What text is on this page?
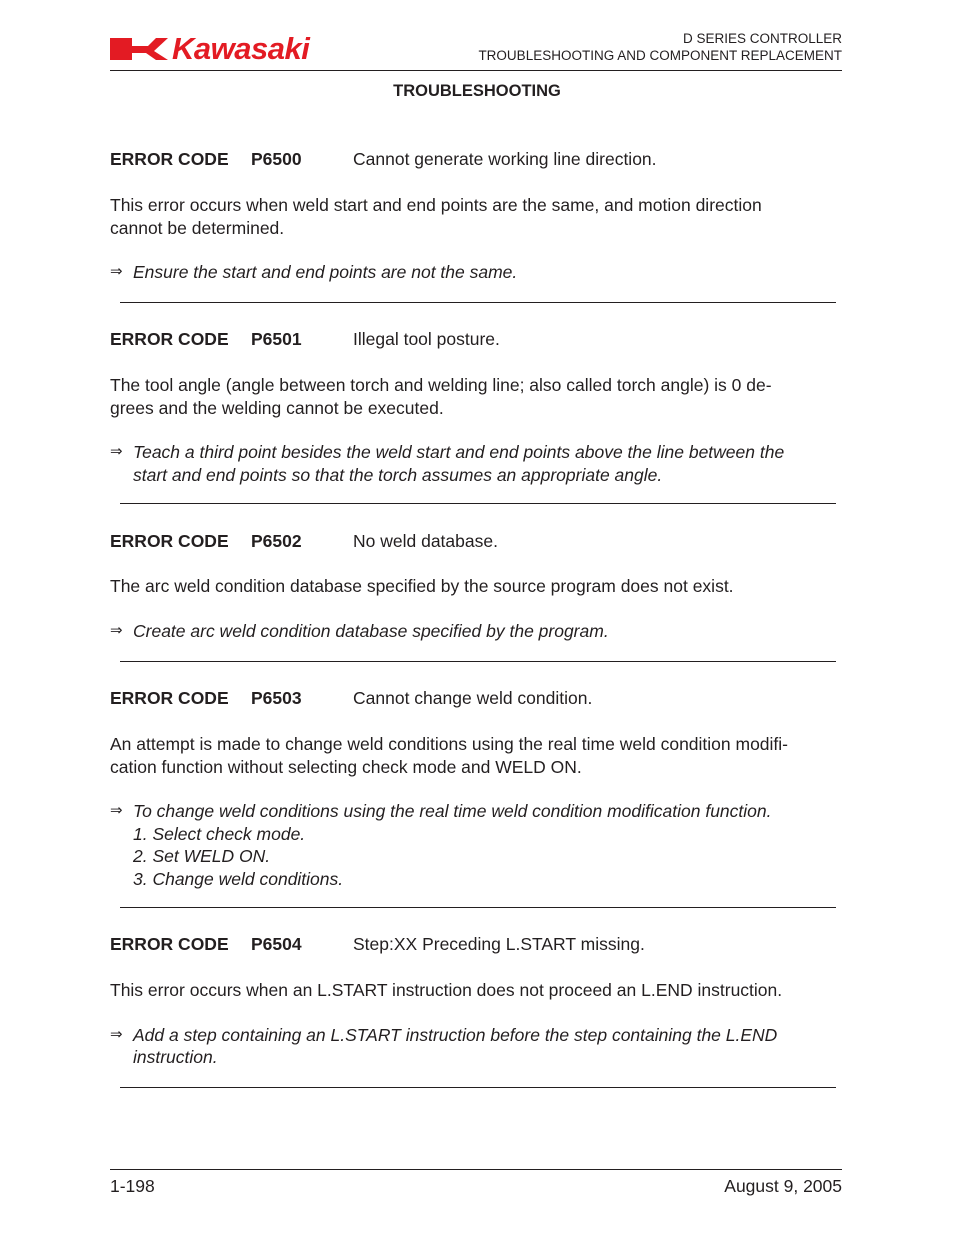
Kawasaki	D SERIES CONTROLLER
TROUBLESHOOTING AND COMPONENT REPLACEMENT
TROUBLESHOOTING
ERROR CODE P6500	Cannot generate working line direction.
This error occurs when weld start and end points are the same, and motion direction
cannot be determined.
⇒ Ensure the start and end points are not the same.
ERROR CODE P6501	Illegal tool posture.
The tool angle (angle between torch and welding line; also called torch angle) is 0 de-
grees and the welding cannot be executed.
⇒ Teach a third point besides the weld start and end points above the line between the
start and end points so that the torch assumes an appropriate angle.
ERROR CODE P6502	No weld database.
The arc weld condition database specified by the source program does not exist.
⇒ Create arc weld condition database specified by the program.
ERROR CODE P6503	Cannot change weld condition.
An attempt is made to change weld conditions using the real time weld condition modifi-
cation function without selecting check mode and WELD ON.
⇒ To change weld conditions using the real time weld condition modification function.
1. Select check mode.
2. Set WELD ON.
3. Change weld conditions.
ERROR CODE P6504	Step:XX Preceding L.START missing.
This error occurs when an L.START instruction does not proceed an L.END instruction.
⇒ Add a step containing an L.START instruction before the step containing the L.END
instruction.
1-198	August 9, 2005
